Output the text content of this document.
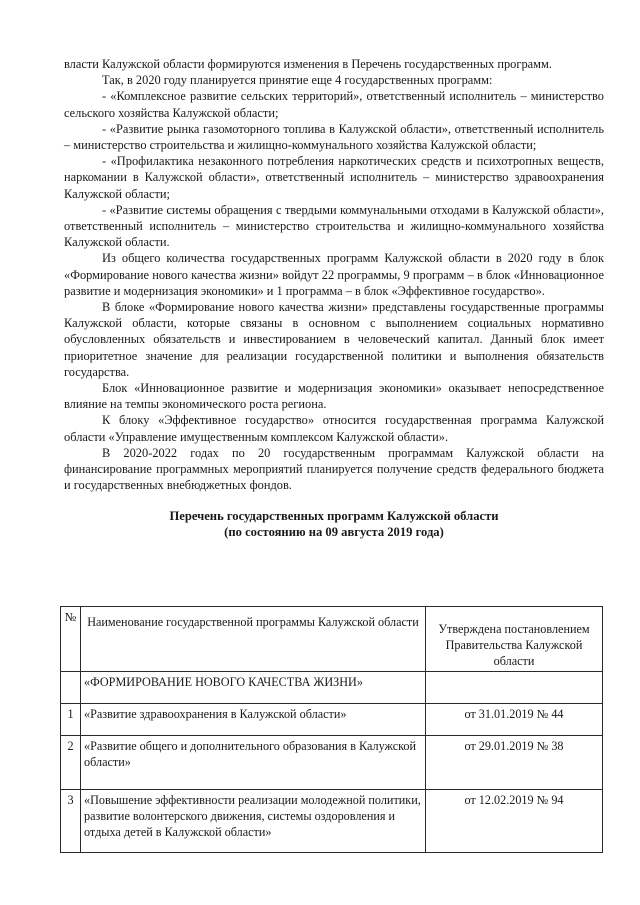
власти Калужской области формируются изменения в Перечень государственных программ.

Так, в 2020 году планируется принятие еще 4 государственных программ:

- «Комплексное развитие сельских территорий», ответственный исполнитель – министерство сельского хозяйства Калужской области;

- «Развитие рынка газомоторного топлива в Калужской области», ответственный исполнитель – министерство строительства и жилищно-коммунального хозяйства Калужской области;

- «Профилактика незаконного потребления наркотических средств и психотропных веществ, наркомании в Калужской области», ответственный исполнитель – министерство здравоохранения Калужской области;

- «Развитие системы обращения с твердыми коммунальными отходами в Калужской области», ответственный исполнитель – министерство строительства и жилищно-коммунального хозяйства Калужской области.

Из общего количества государственных программ Калужской области в 2020 году в блок «Формирование нового качества жизни» войдут 22 программы, 9 программ – в блок «Инновационное развитие и модернизация экономики» и 1 программа – в блок «Эффективное государство».

В блоке «Формирование нового качества жизни» представлены государственные программы Калужской области, которые связаны в основном с выполнением социальных нормативно обусловленных обязательств и инвестированием в человеческий капитал. Данный блок имеет приоритетное значение для реализации государственной политики и выполнения обязательств государства.

Блок «Инновационное развитие и модернизация экономики» оказывает непосредственное влияние на темпы экономического роста региона.

К блоку «Эффективное государство» относится государственная программа Калужской области «Управление имущественным комплексом Калужской области».

В 2020-2022 годах по 20 государственным программам Калужской области на финансирование программных мероприятий планируется получение средств федерального бюджета и государственных внебюджетных фондов.

Перечень государственных программ Калужской области
(по состоянию на 09 августа 2019 года)
№	Наименование государственной программы Калужской области	Утверждена постановлением Правительства Калужской области
	«ФОРМИРОВАНИЕ НОВОГО КАЧЕСТВА ЖИЗНИ»	
1	«Развитие здравоохранения в Калужской области»	от 31.01.2019 № 44
2	«Развитие общего и дополнительного образования в Калужской области»	от 29.01.2019 № 38
3	«Повышение эффективности реализации молодежной политики, развитие волонтерского движения, системы оздоровления и отдыха детей в Калужской области»	от 12.02.2019 № 94
